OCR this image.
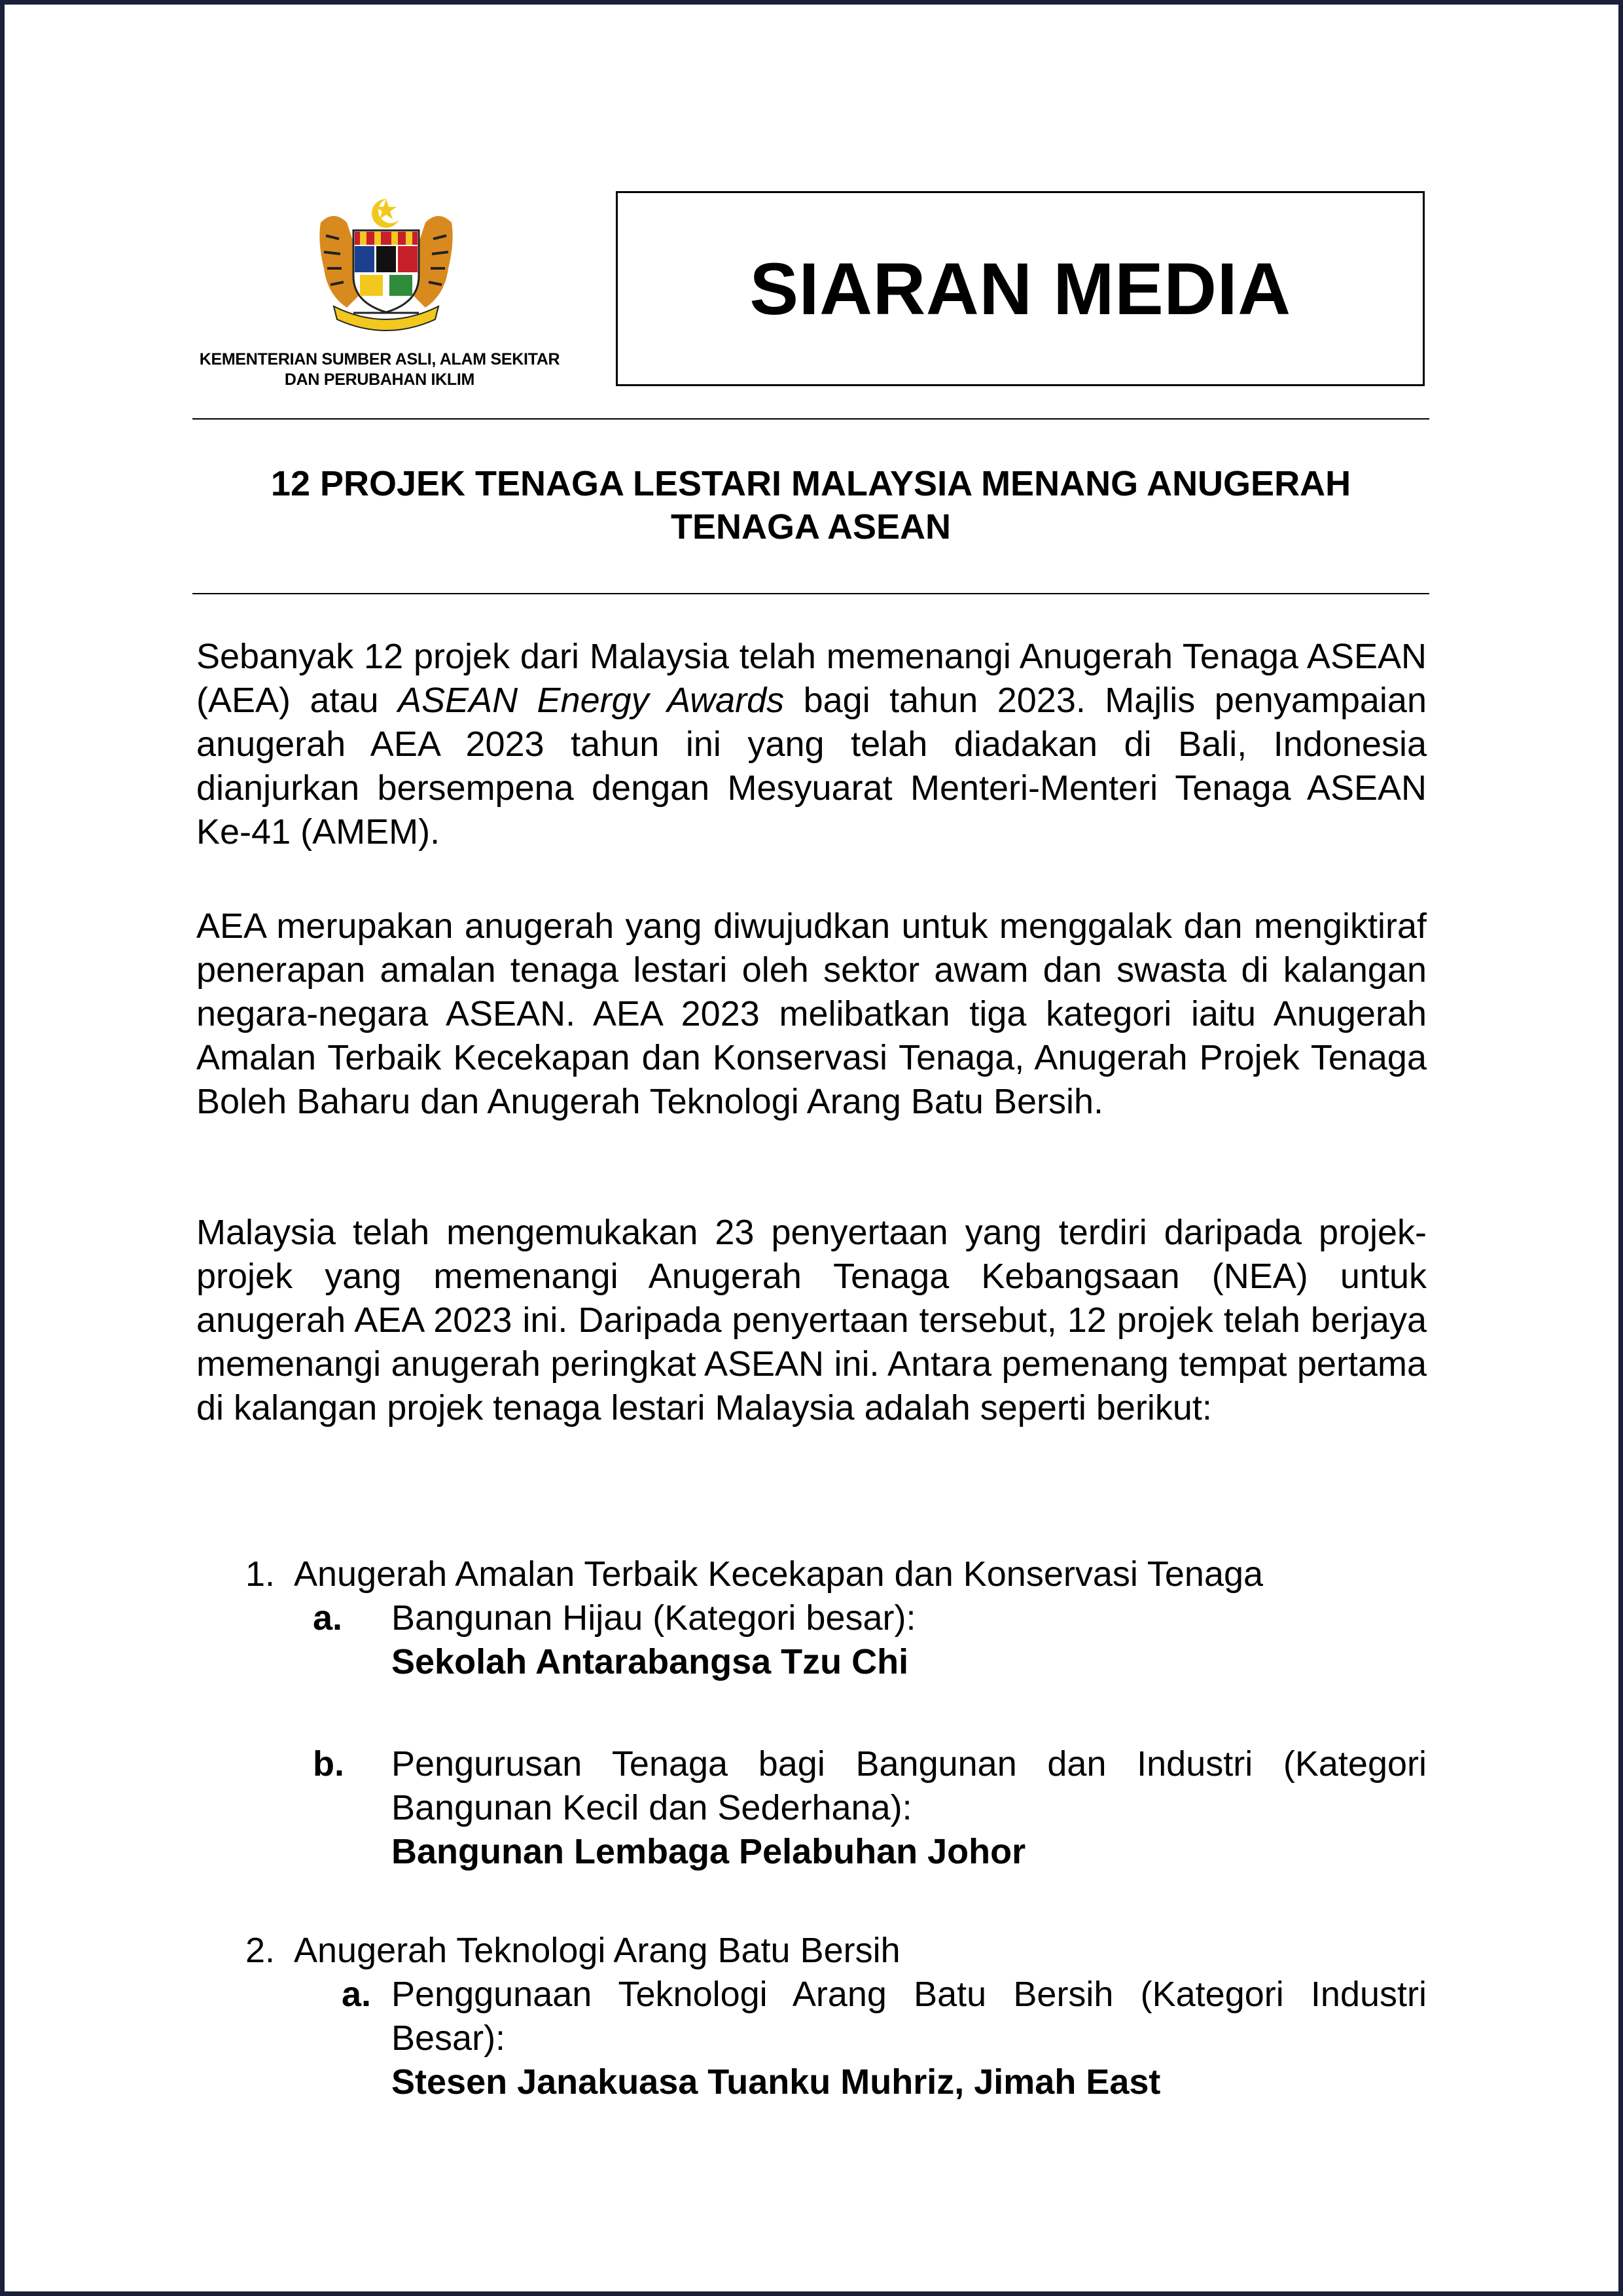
KEMENTERIAN SUMBER ASLI, ALAM SEKITAR
DAN PERUBAHAN IKLIM
SIARAN MEDIA
12 PROJEK TENAGA LESTARI MALAYSIA MENANG ANUGERAH
TENAGA ASEAN

Sebanyak 12 projek dari Malaysia telah memenangi Anugerah Tenaga ASEAN (AEA) atau ASEAN Energy Awards bagi tahun 2023. Majlis penyampaian anugerah AEA 2023 tahun ini yang telah diadakan di Bali, Indonesia dianjurkan bersempena dengan Mesyuarat Menteri-Menteri Tenaga ASEAN Ke-41 (AMEM).

AEA merupakan anugerah yang diwujudkan untuk menggalak dan mengiktiraf penerapan amalan tenaga lestari oleh sektor awam dan swasta di kalangan negara-negara ASEAN. AEA 2023 melibatkan tiga kategori iaitu Anugerah Amalan Terbaik Kecekapan dan Konservasi Tenaga, Anugerah Projek Tenaga Boleh Baharu dan Anugerah Teknologi Arang Batu Bersih.

Malaysia telah mengemukakan 23 penyertaan yang terdiri daripada projek-projek yang memenangi Anugerah Tenaga Kebangsaan (NEA) untuk anugerah AEA 2023 ini. Daripada penyertaan tersebut, 12 projek telah berjaya memenangi anugerah peringkat ASEAN ini. Antara pemenang tempat pertama di kalangan projek tenaga lestari Malaysia adalah seperti berikut:

1. Anugerah Amalan Terbaik Kecekapan dan Konservasi Tenaga
a. Bangunan Hijau (Kategori besar):
Sekolah Antarabangsa Tzu Chi
b. Pengurusan Tenaga bagi Bangunan dan Industri (Kategori Bangunan Kecil dan Sederhana):
Bangunan Lembaga Pelabuhan Johor
2. Anugerah Teknologi Arang Batu Bersih
a. Penggunaan Teknologi Arang Batu Bersih (Kategori Industri Besar):
Stesen Janakuasa Tuanku Muhriz, Jimah East
